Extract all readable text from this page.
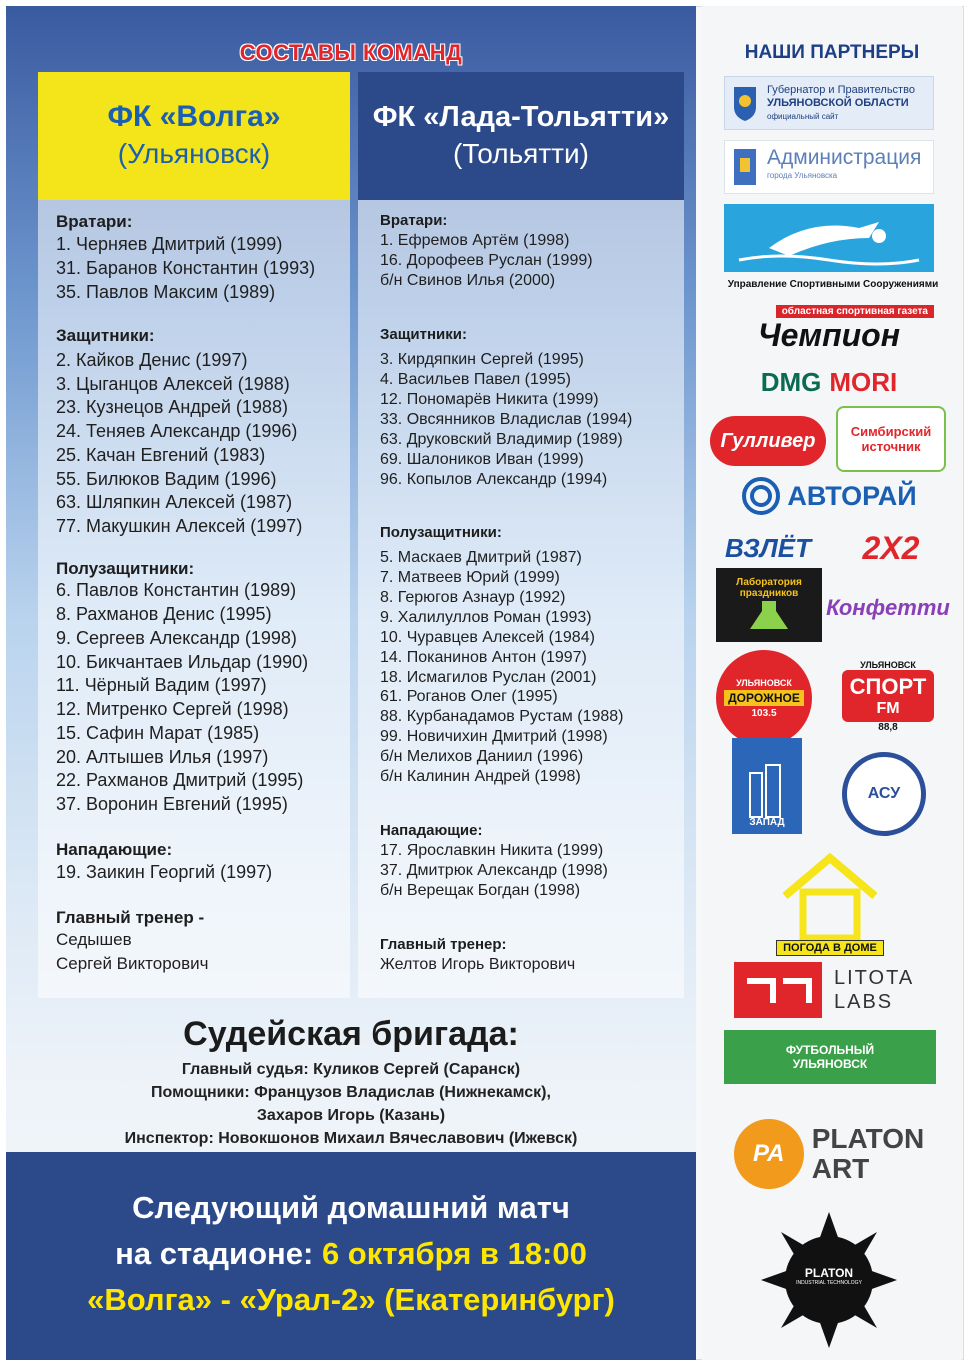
СОСТАВЫ КОМАНД
ФК «Волга»
(Ульяновск)
Вратари:
1. Черняев Дмитрий (1999)
31. Баранов Константин (1993)
35. Павлов Максим (1989)
Защитники:
2. Кайков Денис (1997)
3. Цыганцов Алексей (1988)
23. Кузнецов Андрей (1988)
24. Теняев Александр (1996)
25. Качан Евгений (1983)
55. Билюков Вадим (1996)
63. Шляпкин Алексей (1987)
77. Макушкин Алексей (1997)
Полузащитники:
6. Павлов Константин (1989)
8. Рахманов Денис (1995)
9. Сергеев Александр (1998)
10. Бикчантаев Ильдар (1990)
11. Чёрный Вадим (1997)
12. Митренко Сергей (1998)
15. Сафин Марат (1985)
20. Алтышев Илья (1997)
22. Рахманов Дмитрий (1995)
37. Воронин Евгений (1995)
Нападающие:
19. Заикин Георгий (1997)
Главный тренер -
Седышев
Сергей Викторович
ФК «Лада-Тольятти»
(Тольятти)
Вратари:
1. Ефремов Артём (1998)
16. Дорофеев Руслан (1999)
б/н Свинов Илья (2000)
Защитники:
3. Кирдяпкин Сергей (1995)
4. Васильев Павел (1995)
12. Пономарёв Никита (1999)
33. Овсянников Владислав (1994)
63. Друковский Владимир (1989)
69. Шалоников Иван (1999)
96. Копылов Александр (1994)
Полузащитники:
5. Маскаев Дмитрий (1987)
7. Матвеев Юрий (1999)
8. Герюгов Азнаур (1992)
9. Халилуллов Роман (1993)
10. Чуравцев Алексей (1984)
14. Поканинов Антон (1997)
18. Исмагилов Руслан (2001)
61. Роганов Олег (1995)
88. Курбанадамов Рустам (1988)
99. Новичихин Дмитрий (1998)
б/н Мелихов Даниил (1996)
б/н Калинин Андрей (1998)
Нападающие:
17. Ярославкин Никита (1999)
37. Дмитрюк Александр (1998)
б/н Верещак Богдан (1998)
Главный тренер:
Желтов Игорь Викторович
Судейская бригада:
Главный судья: Куликов Сергей (Саранск)
Помощники: Французов Владислав (Нижнекамск),
Захаров Игорь (Казань)
Инспектор: Новокшонов Михаил Вячеславович (Ижевск)
Следующий домашний матч
на стадионе: 6 октября в 18:00
«Волга» - «Урал-2» (Екатеринбург)
НАШИ ПАРТНЕРЫ
Губернатор и Правительство
УЛЬЯНОВСКОЙ ОБЛАСТИ
официальный сайт
Администрация
города Ульяновска
Управление Спортивными Сооружениями
областная спортивная газета
Чемпион
DMG MORI
Гулливер	Симбирский
источник
АВТОРАЙ
ВЗЛЁТ 2X2
Лаборатория
праздников
Конфетти
УЛЬЯНОВСК
ДОРОЖНОЕ
103.5
УЛЬЯНОВСК
СПОРТ
FM
88,8
ЗАПАД
АСУ
ПОГОДА В ДОМЕ
LITOTA
LABS
ФУТБОЛЬНЫЙ
УЛЬЯНОВСК
PA PLATON
ART
PLATON
INDUSTRIAL TECHNOLOGY
